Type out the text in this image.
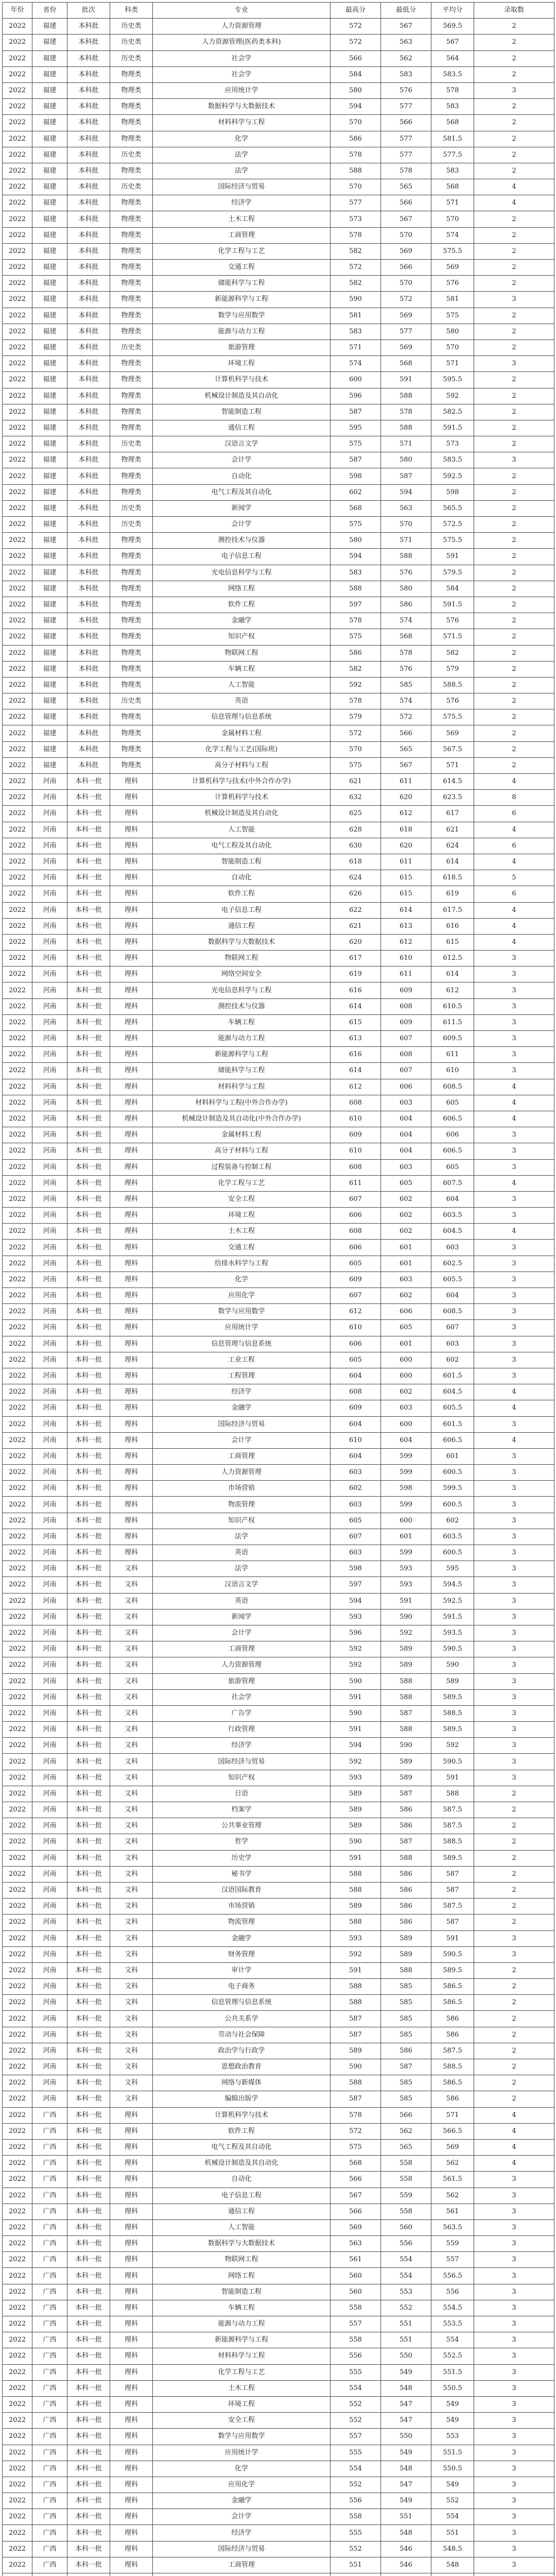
年份	省份	批次	科类	专业	最高分	最低分	平均分	录取数

2022	福建	本科批	历史类	人力资源管理	572	567	569.5	2
2022	福建	本科批	历史类	人力资源管理(医药类本科)	572	563	567	2
2022	福建	本科批	历史类	社会学	566	562	564	2
2022	福建	本科批	物理类	社会学	584	583	583.5	2
2022	福建	本科批	物理类	应用统计学	580	576	578	3
2022	福建	本科批	物理类	数据科学与大数据技术	594	577	583	2
2022	福建	本科批	物理类	材料科学与工程	570	566	568	2
2022	福建	本科批	物理类	化学	586	577	581.5	2
2022	福建	本科批	历史类	法学	578	577	577.5	2
2022	福建	本科批	物理类	法学	588	578	583	2
2022	福建	本科批	历史类	国际经济与贸易	570	565	568	4
2022	福建	本科批	物理类	经济学	577	566	571	4
2022	福建	本科批	物理类	土木工程	573	567	570	2
2022	福建	本科批	物理类	工商管理	578	570	574	2
2022	福建	本科批	物理类	化学工程与工艺	582	569	575.5	2
2022	福建	本科批	物理类	交通工程	572	566	569	2
2022	福建	本科批	物理类	储能科学与工程	582	570	576	2
2022	福建	本科批	物理类	新能源科学与工程	590	572	581	3
2022	福建	本科批	物理类	数学与应用数学	581	569	575	2
2022	福建	本科批	物理类	能源与动力工程	583	577	580	2
2022	福建	本科批	历史类	旅游管理	571	569	570	2
2022	福建	本科批	物理类	环境工程	574	568	571	3
2022	福建	本科批	物理类	计算机科学与技术	600	591	595.5	2
2022	福建	本科批	物理类	机械设计制造及其自动化	596	588	592	2
2022	福建	本科批	物理类	智能制造工程	587	578	582.5	2
2022	福建	本科批	物理类	通信工程	595	588	591.5	2
2022	福建	本科批	历史类	汉语言文学	575	571	573	2
2022	福建	本科批	物理类	会计学	587	580	583.5	3
2022	福建	本科批	物理类	自动化	598	587	592.5	2
2022	福建	本科批	物理类	电气工程及其自动化	602	594	598	2
2022	福建	本科批	历史类	新闻学	568	563	565.5	2
2022	福建	本科批	历史类	会计学	575	570	572.5	2
2022	福建	本科批	物理类	测控技术与仪器	580	571	575.5	2
2022	福建	本科批	物理类	电子信息工程	594	588	591	2
2022	福建	本科批	物理类	光电信息科学与工程	583	576	579.5	2
2022	福建	本科批	物理类	网络工程	588	580	584	2
2022	福建	本科批	物理类	软件工程	597	586	591.5	2
2022	福建	本科批	物理类	金融学	578	574	576	2
2022	福建	本科批	物理类	知识产权	575	568	571.5	2
2022	福建	本科批	物理类	物联网工程	586	578	582	2
2022	福建	本科批	物理类	车辆工程	582	576	579	2
2022	福建	本科批	物理类	人工智能	592	585	588.5	2
2022	福建	本科批	历史类	英语	578	574	576	2
2022	福建	本科批	物理类	信息管理与信息系统	579	572	575.5	2
2022	福建	本科批	物理类	金属材料工程	572	566	569	2
2022	福建	本科批	物理类	化学工程与工艺(国际班)	570	565	567.5	2
2022	福建	本科批	物理类	高分子材料与工程	575	567	571	2
2022	河南	本科一批	理科	计算机科学与技术(中外合作办学)	621	611	614.5	4
2022	河南	本科一批	理科	计算机科学与技术	632	620	623.5	8
2022	河南	本科一批	理科	机械设计制造及其自动化	625	612	617	6
2022	河南	本科一批	理科	人工智能	628	618	621	4
2022	河南	本科一批	理科	电气工程及其自动化	630	620	624	6
2022	河南	本科一批	理科	智能制造工程	618	611	614	4
2022	河南	本科一批	理科	自动化	624	615	618.5	5
2022	河南	本科一批	理科	软件工程	626	615	619	6
2022	河南	本科一批	理科	电子信息工程	622	614	617.5	4
2022	河南	本科一批	理科	通信工程	621	613	616	4
2022	河南	本科一批	理科	数据科学与大数据技术	620	612	615	4
2022	河南	本科一批	理科	物联网工程	617	610	612.5	3
2022	河南	本科一批	理科	网络空间安全	619	611	614	3
2022	河南	本科一批	理科	光电信息科学与工程	616	609	612	3
2022	河南	本科一批	理科	测控技术与仪器	614	608	610.5	3
2022	河南	本科一批	理科	车辆工程	615	609	611.5	3
2022	河南	本科一批	理科	能源与动力工程	613	607	609.5	3
2022	河南	本科一批	理科	新能源科学与工程	616	608	611	3
2022	河南	本科一批	理科	储能科学与工程	614	607	610	3
2022	河南	本科一批	理科	材料科学与工程	612	606	608.5	4
2022	河南	本科一批	理科	材料科学与工程(中外合作办学)	608	603	605	4
2022	河南	本科一批	理科	机械设计制造及其自动化(中外合作办学)	610	604	606.5	4
2022	河南	本科一批	理科	金属材料工程	609	604	606	3
2022	河南	本科一批	理科	高分子材料与工程	610	604	606.5	3
2022	河南	本科一批	理科	过程装备与控制工程	608	603	605	3
2022	河南	本科一批	理科	化学工程与工艺	611	605	607.5	4
2022	河南	本科一批	理科	安全工程	607	602	604	3
2022	河南	本科一批	理科	环境工程	606	602	603.5	3
2022	河南	本科一批	理科	土木工程	608	602	604.5	4
2022	河南	本科一批	理科	交通工程	606	601	603	3
2022	河南	本科一批	理科	给排水科学与工程	605	601	602.5	3
2022	河南	本科一批	理科	化学	609	603	605.5	3
2022	河南	本科一批	理科	应用化学	607	602	604	3
2022	河南	本科一批	理科	数学与应用数学	612	606	608.5	3
2022	河南	本科一批	理科	应用统计学	610	605	607	3
2022	河南	本科一批	理科	信息管理与信息系统	606	601	603	3
2022	河南	本科一批	理科	工业工程	605	600	602	3
2022	河南	本科一批	理科	工程管理	604	600	601.5	3
2022	河南	本科一批	理科	经济学	608	602	604.5	4
2022	河南	本科一批	理科	金融学	609	603	605.5	4
2022	河南	本科一批	理科	国际经济与贸易	604	600	601.5	3
2022	河南	本科一批	理科	会计学	610	604	606.5	4
2022	河南	本科一批	理科	工商管理	604	599	601	3
2022	河南	本科一批	理科	人力资源管理	603	599	600.5	3
2022	河南	本科一批	理科	市场营销	602	598	599.5	3
2022	河南	本科一批	理科	物流管理	603	599	600.5	3
2022	河南	本科一批	理科	知识产权	605	600	602	3
2022	河南	本科一批	理科	法学	607	601	603.5	3
2022	河南	本科一批	理科	英语	603	599	600.5	3
2022	河南	本科一批	文科	法学	598	593	595	3
2022	河南	本科一批	文科	汉语言文学	597	593	594.5	3
2022	河南	本科一批	文科	英语	594	591	592.5	3
2022	河南	本科一批	文科	新闻学	593	590	591.5	3
2022	河南	本科一批	文科	会计学	596	592	593.5	3
2022	河南	本科一批	文科	工商管理	592	589	590.5	3
2022	河南	本科一批	文科	人力资源管理	592	589	590	3
2022	河南	本科一批	文科	旅游管理	590	588	589	3
2022	河南	本科一批	文科	社会学	591	588	589.5	3
2022	河南	本科一批	文科	广告学	590	587	588.5	3
2022	河南	本科一批	文科	行政管理	591	588	589.5	3
2022	河南	本科一批	文科	经济学	594	590	592	3
2022	河南	本科一批	文科	国际经济与贸易	592	589	590.5	3
2022	河南	本科一批	文科	知识产权	593	589	591	3
2022	河南	本科一批	文科	日语	589	587	588	2
2022	河南	本科一批	文科	档案学	589	586	587.5	2
2022	河南	本科一批	文科	公共事业管理	589	586	587.5	2
2022	河南	本科一批	文科	哲学	590	587	588.5	2
2022	河南	本科一批	文科	历史学	591	588	589.5	2
2022	河南	本科一批	文科	秘书学	588	586	587	2
2022	河南	本科一批	文科	汉语国际教育	588	586	587	2
2022	河南	本科一批	文科	市场营销	589	586	587.5	2
2022	河南	本科一批	文科	物流管理	588	586	587	2
2022	河南	本科一批	文科	金融学	593	589	591	3
2022	河南	本科一批	文科	财务管理	592	589	590.5	3
2022	河南	本科一批	文科	审计学	591	588	589.5	2
2022	河南	本科一批	文科	电子商务	588	585	586.5	2
2022	河南	本科一批	文科	信息管理与信息系统	588	585	586.5	2
2022	河南	本科一批	文科	公共关系学	587	585	586	2
2022	河南	本科一批	文科	劳动与社会保障	587	585	586	2
2022	河南	本科一批	文科	政治学与行政学	589	586	587.5	2
2022	河南	本科一批	文科	思想政治教育	590	587	588.5	2
2022	河南	本科一批	文科	网络与新媒体	588	585	586.5	2
2022	河南	本科一批	文科	编辑出版学	587	585	586	2
2022	广西	本科一批	理科	计算机科学与技术	578	566	571	4
2022	广西	本科一批	理科	软件工程	572	562	566.5	4
2022	广西	本科一批	理科	电气工程及其自动化	575	565	569	4
2022	广西	本科一批	理科	机械设计制造及其自动化	568	558	562	4
2022	广西	本科一批	理科	自动化	566	558	561.5	3
2022	广西	本科一批	理科	电子信息工程	567	559	562	3
2022	广西	本科一批	理科	通信工程	566	558	561	3
2022	广西	本科一批	理科	人工智能	569	560	563.5	3
2022	广西	本科一批	理科	数据科学与大数据技术	563	556	559	3
2022	广西	本科一批	理科	物联网工程	561	554	557	3
2022	广西	本科一批	理科	网络工程	560	554	556.5	3
2022	广西	本科一批	理科	智能制造工程	560	553	556	3
2022	广西	本科一批	理科	车辆工程	558	552	554.5	3
2022	广西	本科一批	理科	能源与动力工程	557	551	553.5	3
2022	广西	本科一批	理科	新能源科学与工程	558	551	554	3
2022	广西	本科一批	理科	材料科学与工程	556	550	552.5	3
2022	广西	本科一批	理科	化学工程与工艺	555	549	551.5	3
2022	广西	本科一批	理科	土木工程	554	548	550.5	3
2022	广西	本科一批	理科	环境工程	552	547	549	3
2022	广西	本科一批	理科	安全工程	552	547	549	3
2022	广西	本科一批	理科	数学与应用数学	557	550	553	3
2022	广西	本科一批	理科	应用统计学	555	549	551.5	3
2022	广西	本科一批	理科	化学	554	548	550.5	3
2022	广西	本科一批	理科	应用化学	552	547	549	3
2022	广西	本科一批	理科	金融学	556	549	552	3
2022	广西	本科一批	理科	会计学	558	551	554	3
2022	广西	本科一批	理科	经济学	555	548	551	3
2022	广西	本科一批	理科	国际经济与贸易	552	546	548.5	3
2022	广西	本科一批	理科	工商管理	551	546	548	3
